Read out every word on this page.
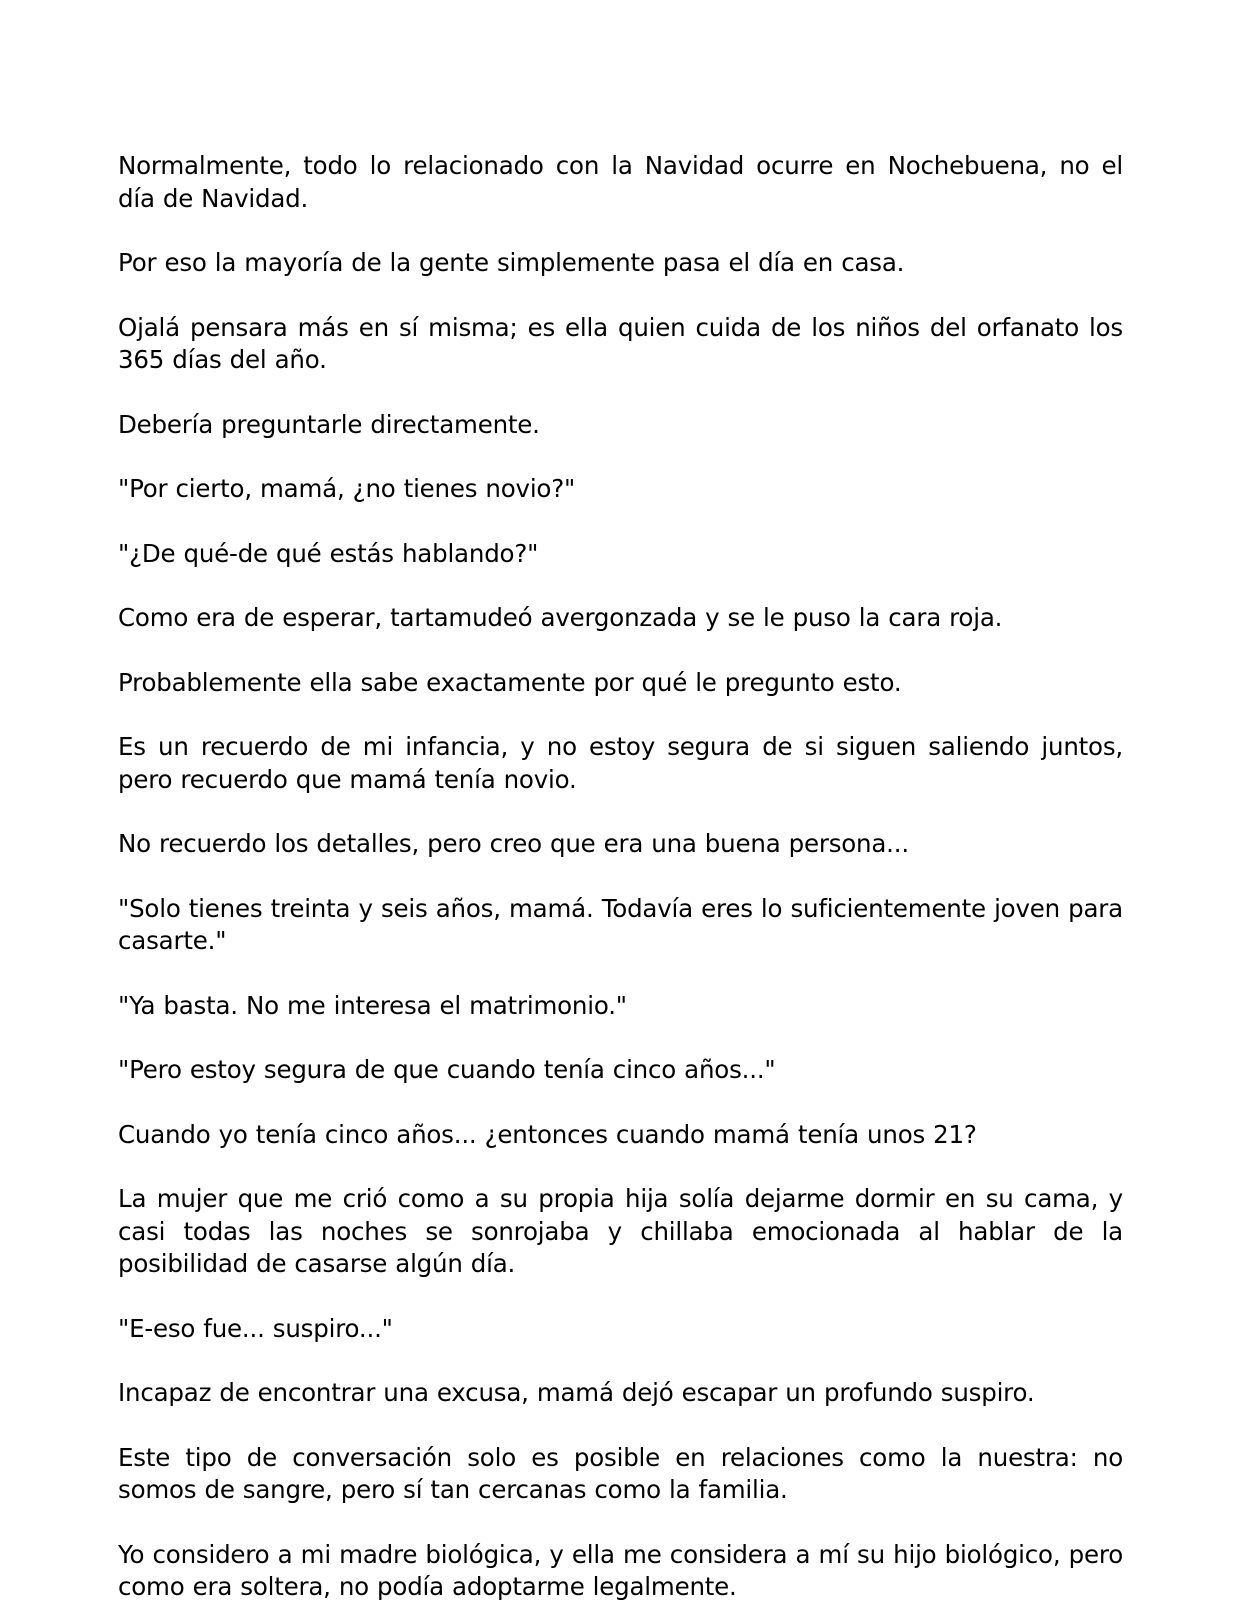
Normalmente, todo lo relacionado con la Navidad ocurre en Nochebuena, no el día de Navidad.

Por eso la mayoría de la gente simplemente pasa el día en casa.

Ojalá pensara más en sí misma; es ella quien cuida de los niños del orfanato los 365 días del año.

Debería preguntarle directamente.

"Por cierto, mamá, ¿no tienes novio?"

"¿De qué-de qué estás hablando?"

Como era de esperar, tartamudeó avergonzada y se le puso la cara roja.

Probablemente ella sabe exactamente por qué le pregunto esto.

Es un recuerdo de mi infancia, y no estoy segura de si siguen saliendo juntos, pero recuerdo que mamá tenía novio.

No recuerdo los detalles, pero creo que era una buena persona...

"Solo tienes treinta y seis años, mamá. Todavía eres lo suficientemente joven para casarte."

"Ya basta. No me interesa el matrimonio."

"Pero estoy segura de que cuando tenía cinco años..."

Cuando yo tenía cinco años... ¿entonces cuando mamá tenía unos 21?

La mujer que me crió como a su propia hija solía dejarme dormir en su cama, y casi todas las noches se sonrojaba y chillaba emocionada al hablar de la posibilidad de casarse algún día.

"E-eso fue... suspiro..."

Incapaz de encontrar una excusa, mamá dejó escapar un profundo suspiro.

Este tipo de conversación solo es posible en relaciones como la nuestra: no somos de sangre, pero sí tan cercanas como la familia.

Yo considero a mi madre biológica, y ella me considera a mí su hijo biológico, pero como era soltera, no podía adoptarme legalmente.
